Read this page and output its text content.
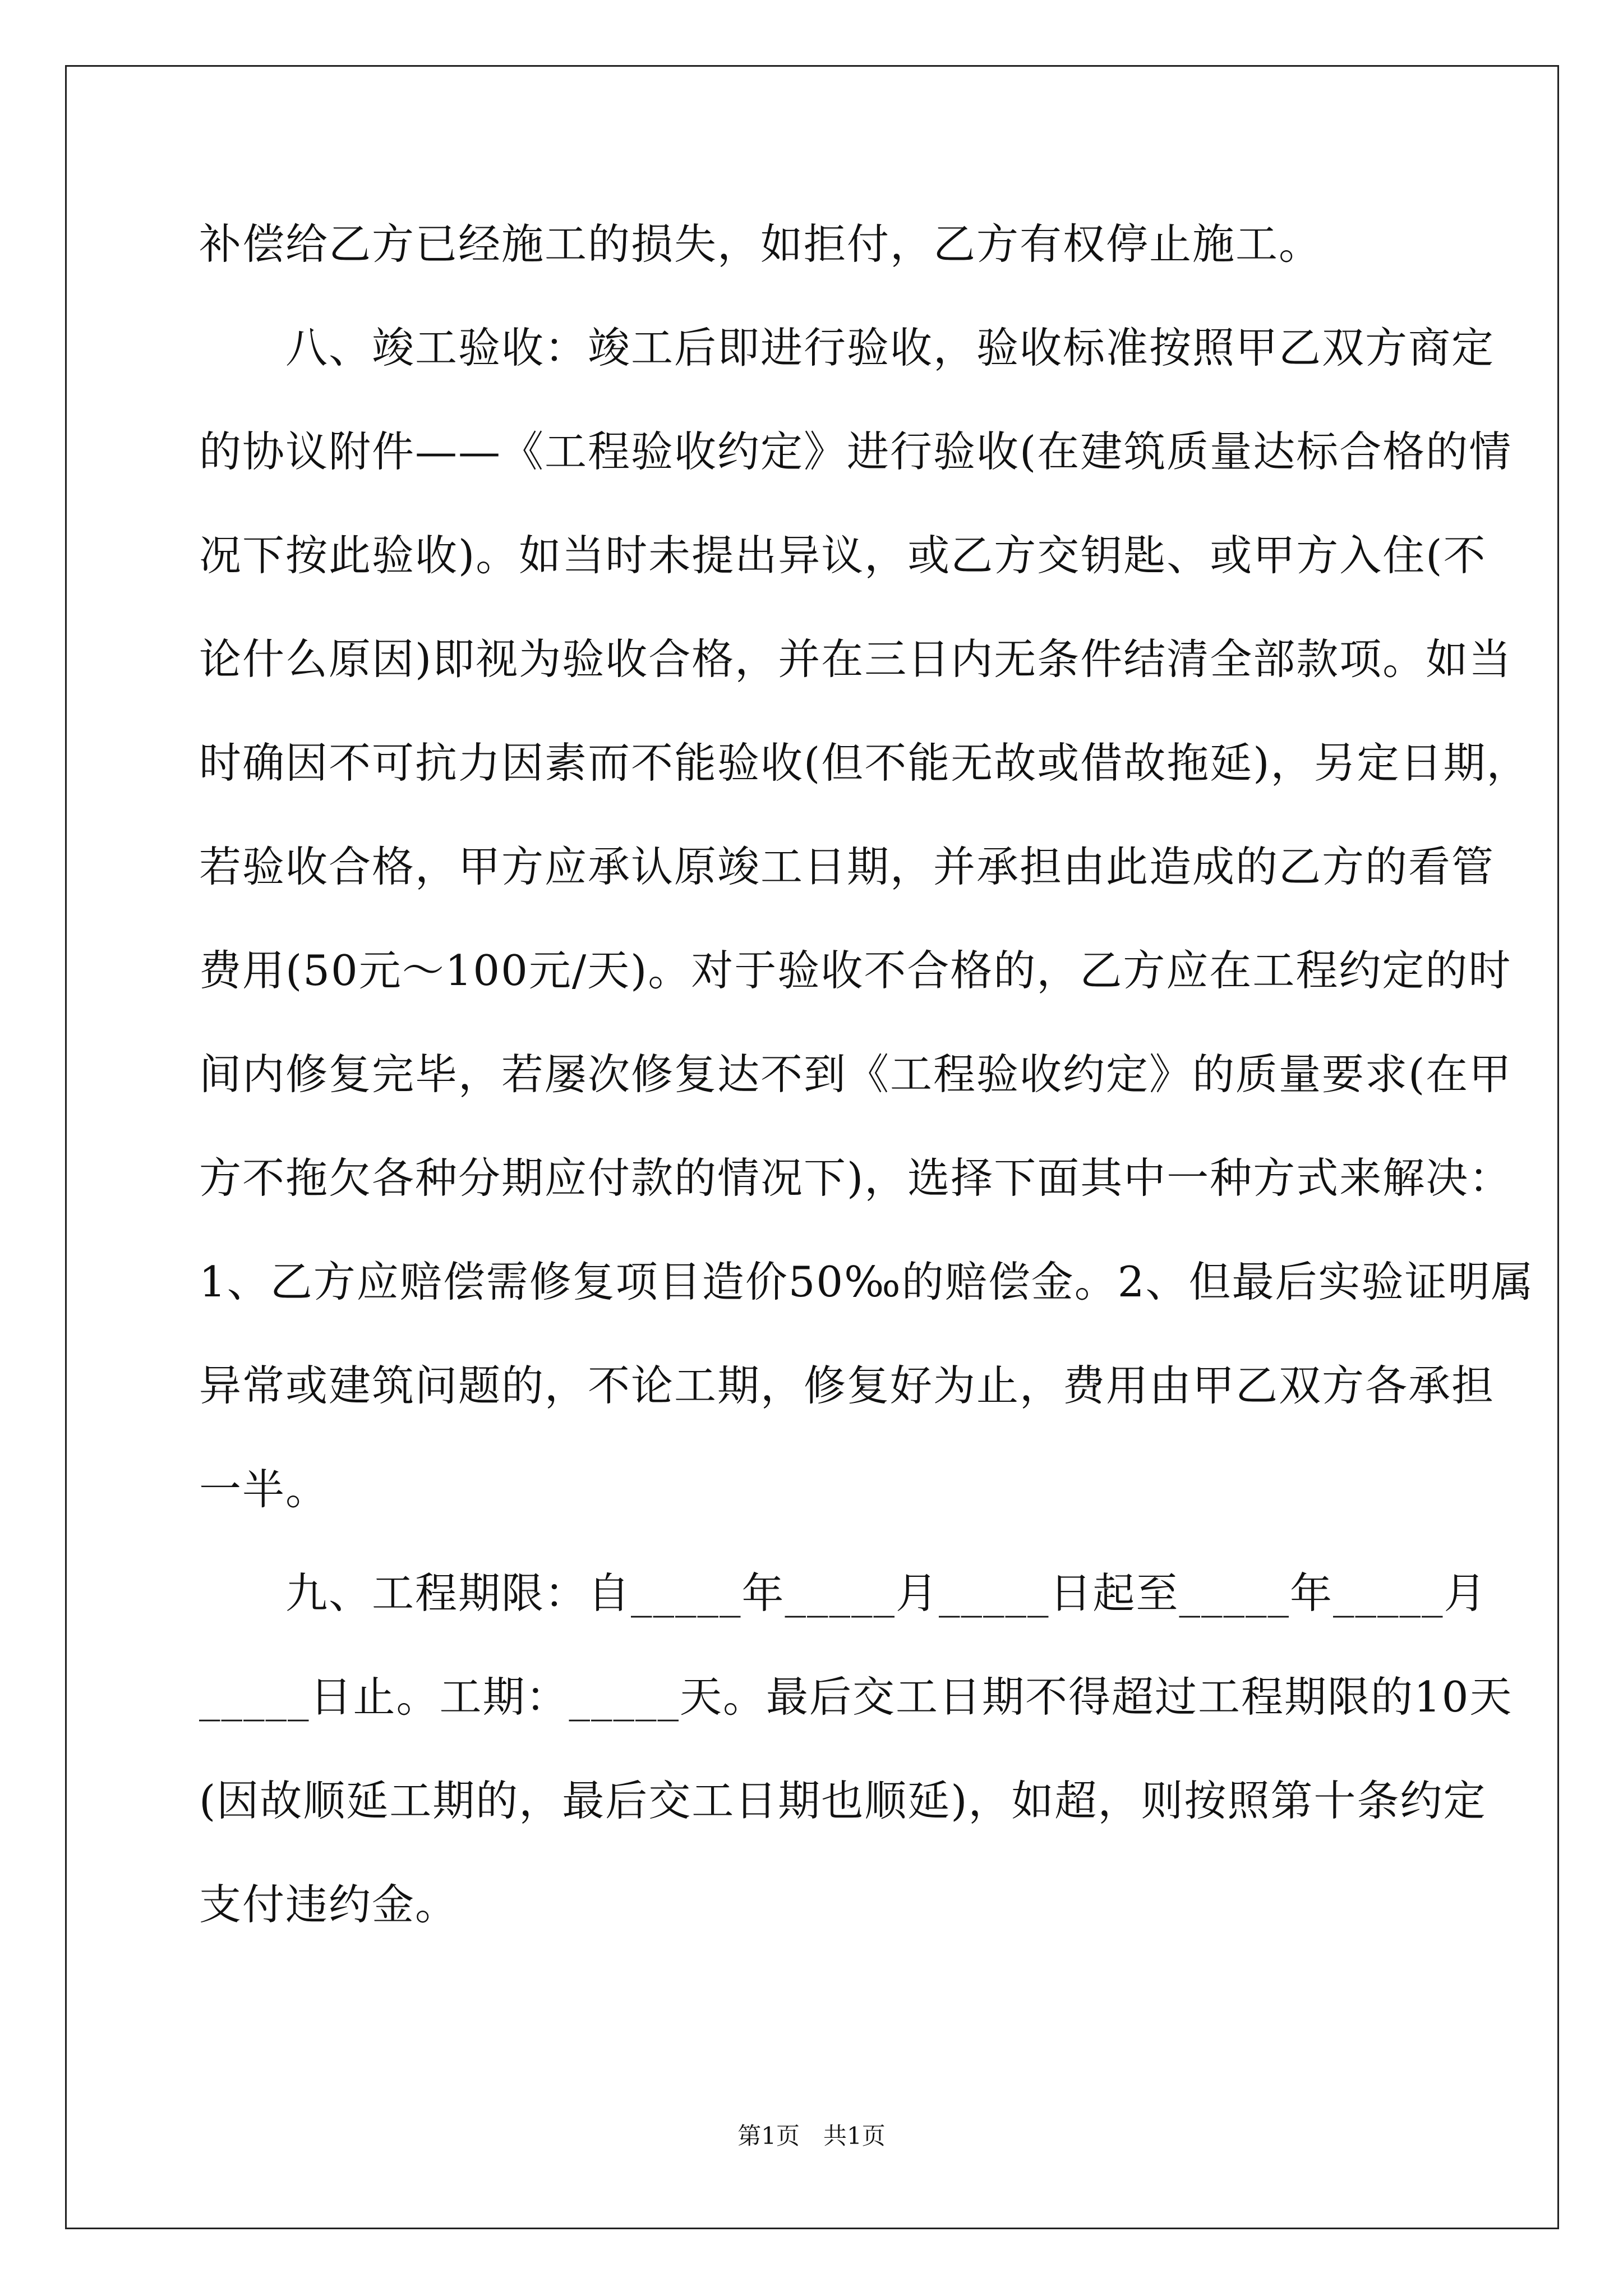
补偿给乙方已经施工的损失，如拒付，乙方有权停止施工。
　　八、竣工验收：竣工后即进行验收，验收标准按照甲乙双方商定
的协议附件——《工程验收约定》进行验收(在建筑质量达标合格的情
况下按此验收)。如当时未提出异议，或乙方交钥匙、或甲方入住(不
论什么原因)即视为验收合格，并在三日内无条件结清全部款项。如当
时确因不可抗力因素而不能验收(但不能无故或借故拖延)，另定日期，
若验收合格，甲方应承认原竣工日期，并承担由此造成的乙方的看管
费用(50元～100元/天)。对于验收不合格的，乙方应在工程约定的时
间内修复完毕，若屡次修复达不到《工程验收约定》的质量要求(在甲
方不拖欠各种分期应付款的情况下)，选择下面其中一种方式来解决：
1、乙方应赔偿需修复项目造价50‰的赔偿金。2、但最后实验证明属
异常或建筑问题的，不论工期，修复好为止，费用由甲乙双方各承担
一半。
　　九、工程期限：自_____年_____月_____日起至_____年_____月
_____日止。工期：_____天。最后交工日期不得超过工程期限的10天
(因故顺延工期的，最后交工日期也顺延)，如超，则按照第十条约定
支付违约金。
第1页　共1页
